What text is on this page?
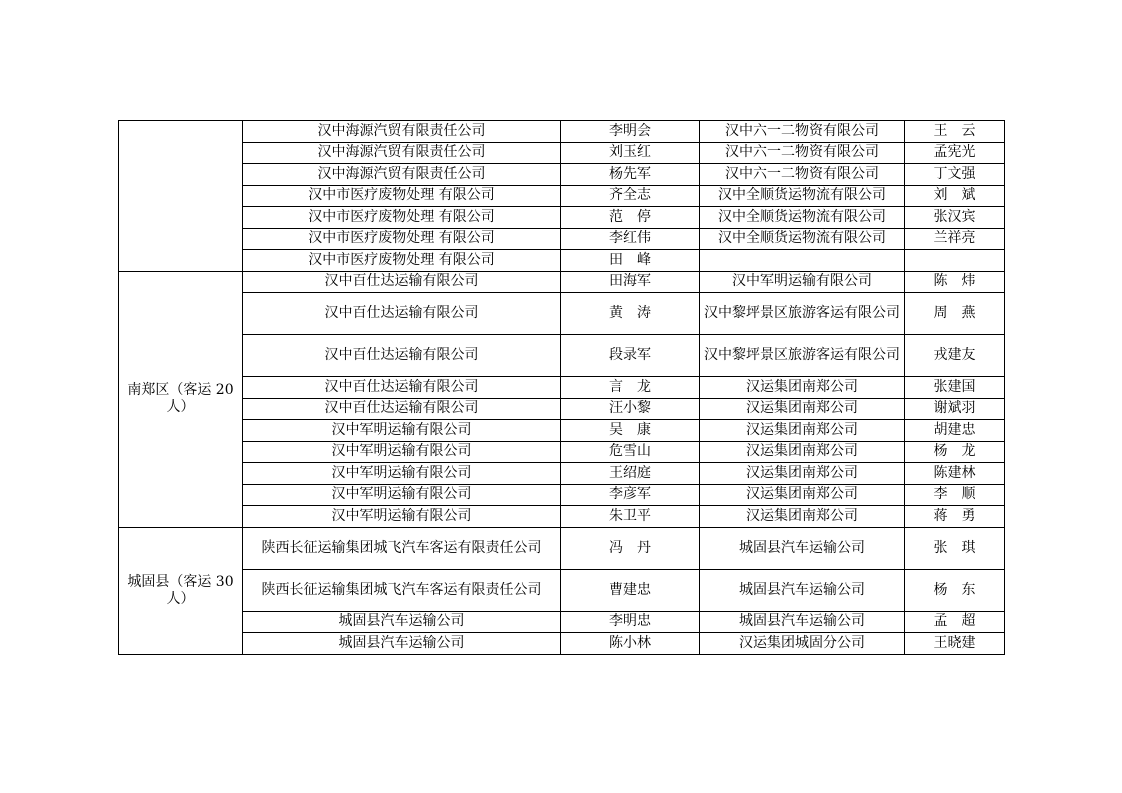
	汉中海源汽贸有限责任公司	李明会	汉中六一二物资有限公司	王　云
	汉中海源汽贸有限责任公司	刘玉红	汉中六一二物资有限公司	孟宪光
	汉中海源汽贸有限责任公司	杨先军	汉中六一二物资有限公司	丁文强
	汉中市医疗废物处理 有限公司	齐全志	汉中全顺货运物流有限公司	刘　斌
	汉中市医疗废物处理 有限公司	范　停	汉中全顺货运物流有限公司	张汉宾
	汉中市医疗废物处理 有限公司	李红伟	汉中全顺货运物流有限公司	兰祥亮
	汉中市医疗废物处理 有限公司	田　峰		
南郑区（客运 20 人）	汉中百仕达运输有限公司	田海军	汉中军明运输有限公司	陈　炜
	汉中百仕达运输有限公司	黄　涛	汉中黎坪景区旅游客运有限公司	周　燕
	汉中百仕达运输有限公司	段录军	汉中黎坪景区旅游客运有限公司	戎建友
	汉中百仕达运输有限公司	言　龙	汉运集团南郑公司	张建国
	汉中百仕达运输有限公司	汪小黎	汉运集团南郑公司	谢斌羽
	汉中军明运输有限公司	吴　康	汉运集团南郑公司	胡建忠
	汉中军明运输有限公司	危雪山	汉运集团南郑公司	杨　龙
	汉中军明运输有限公司	王绍庭	汉运集团南郑公司	陈建林
	汉中军明运输有限公司	李彦军	汉运集团南郑公司	李　顺
	汉中军明运输有限公司	朱卫平	汉运集团南郑公司	蒋　勇
城固县（客运 30 人）	陕西长征运输集团城飞汽车客运有限责任公司	冯　丹	城固县汽车运输公司	张　琪
	陕西长征运输集团城飞汽车客运有限责任公司	曹建忠	城固县汽车运输公司	杨　东
	城固县汽车运输公司	李明忠	城固县汽车运输公司	孟　超
	城固县汽车运输公司	陈小林	汉运集团城固分公司	王晓建
